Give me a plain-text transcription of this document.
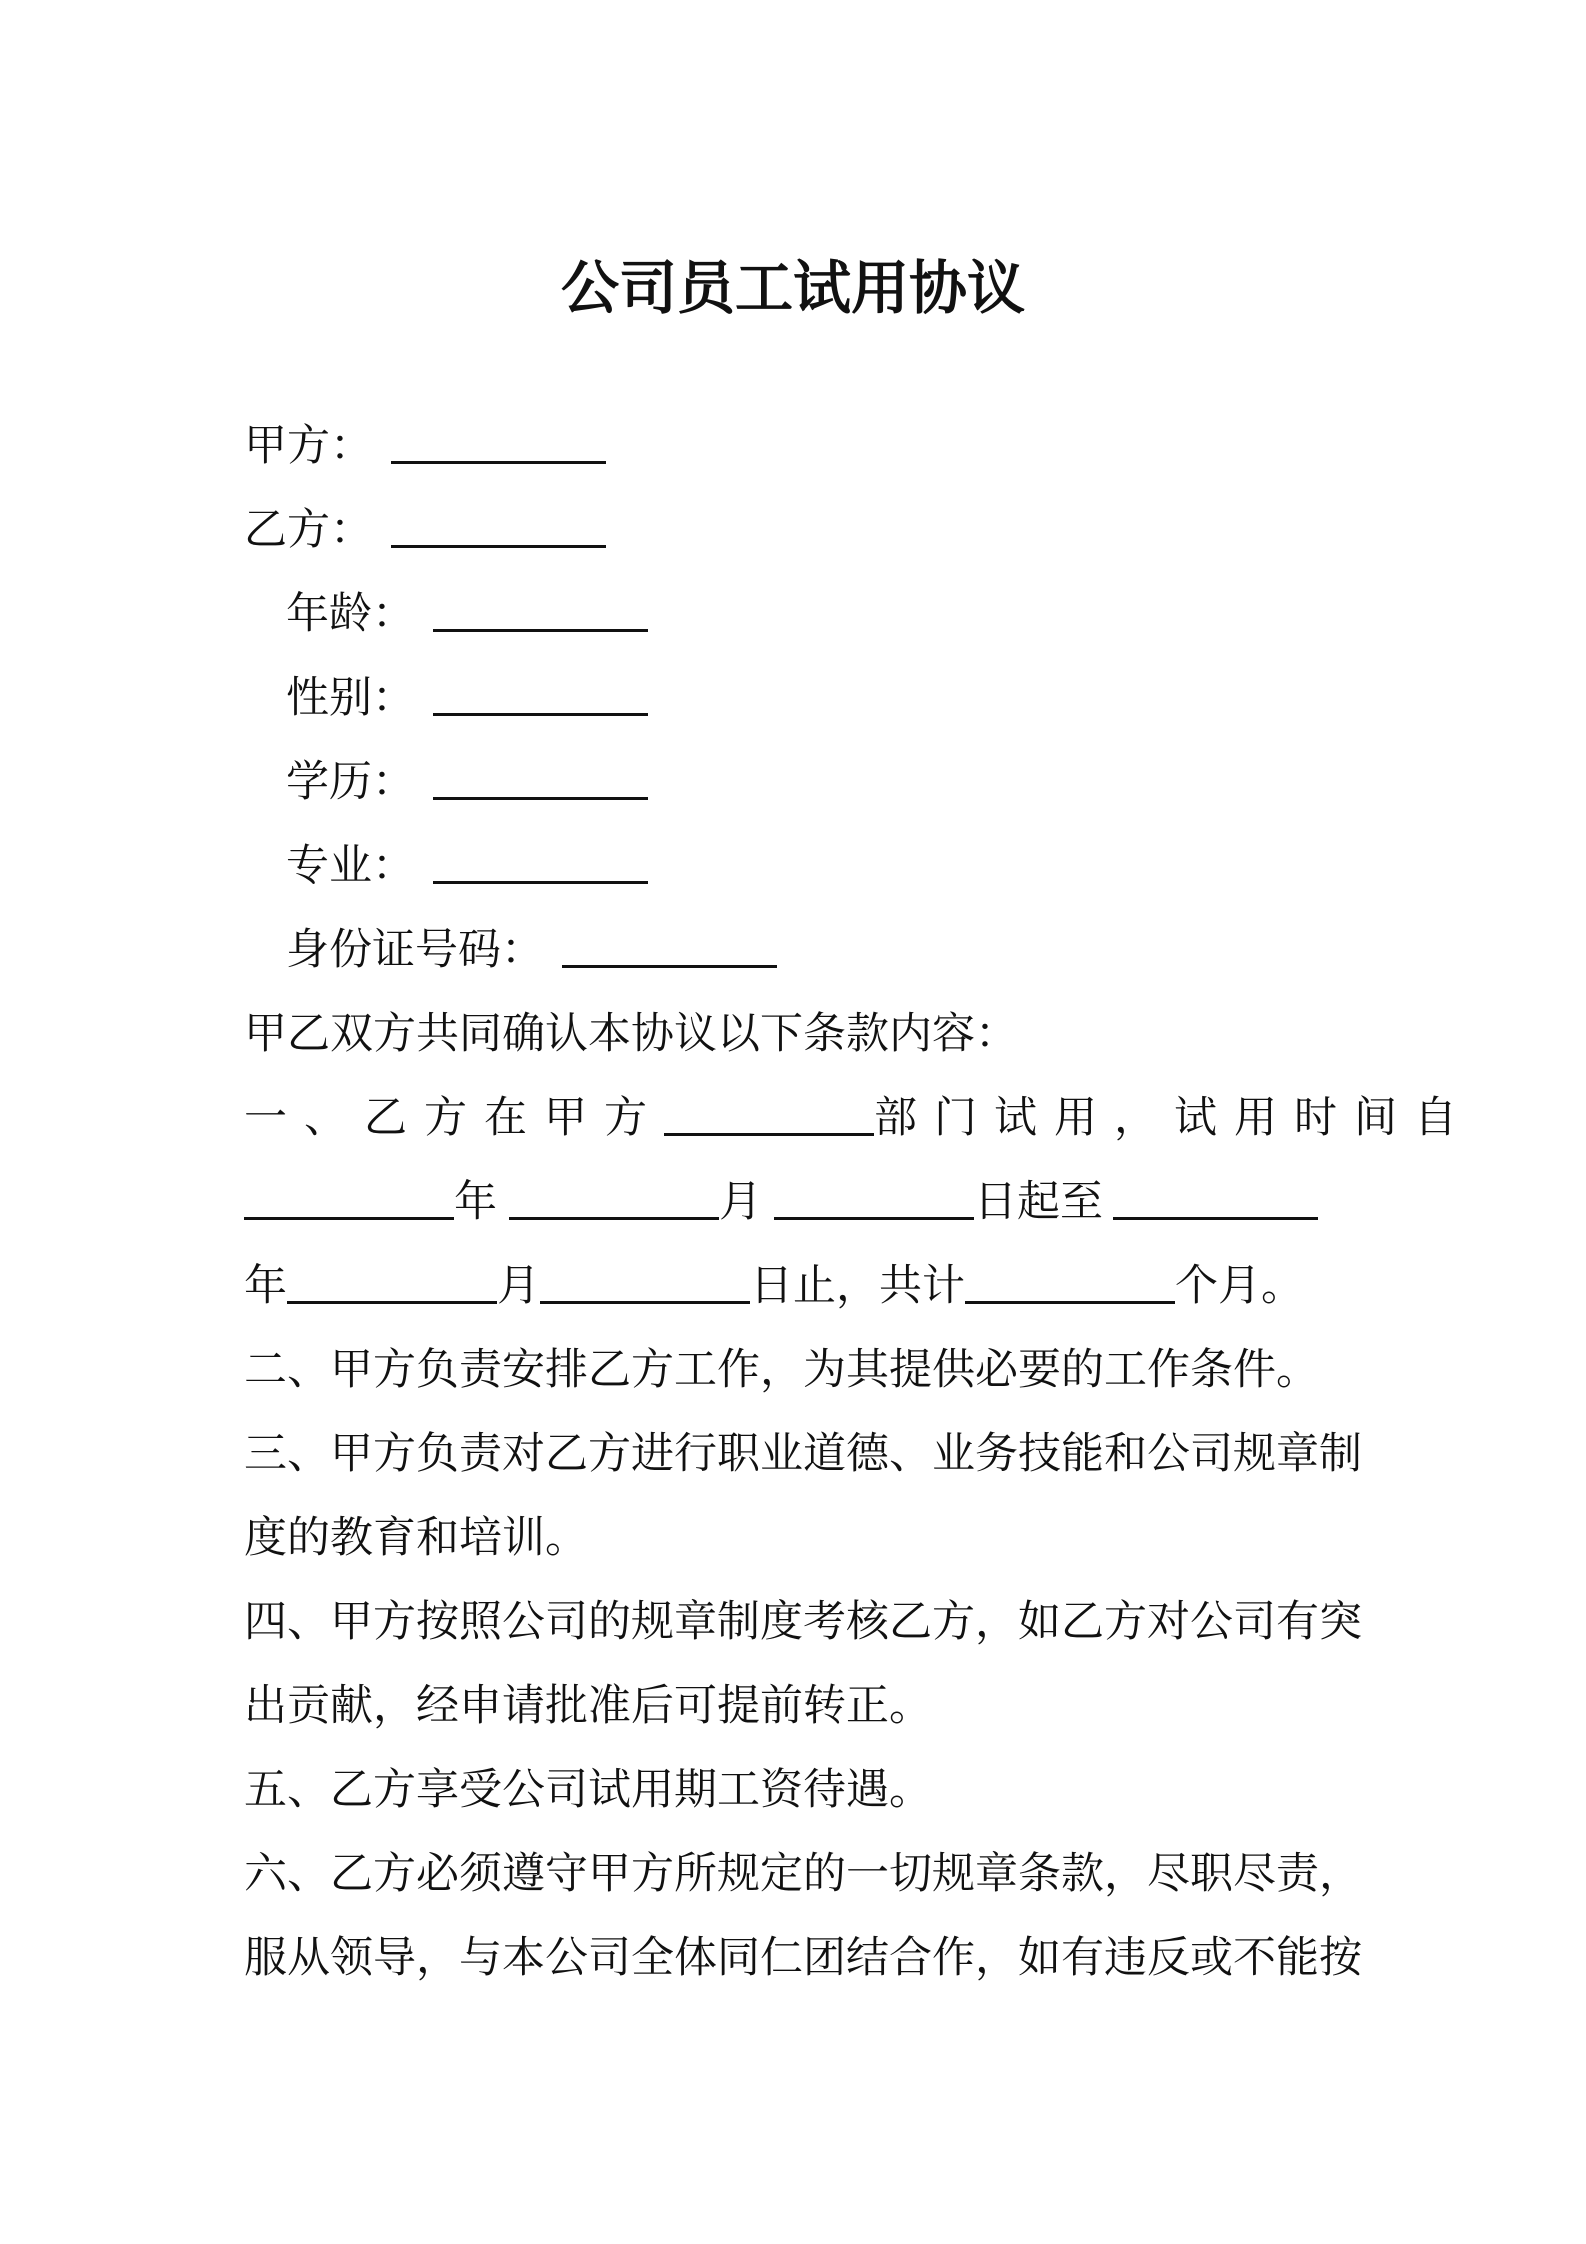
公司员工试用协议
甲方：
乙方：
年龄：
性别：
学历：
专业：
身份证号码：
甲乙双方共同确认本协议以下条款内容：
一、乙方在甲方	部门试用，试用时间自
年	月	日起至
年	月	日止，共计	个月。
二、甲方负责安排乙方工作，为其提供必要的工作条件。
三、甲方负责对乙方进行职业道德、业务技能和公司规章制
度的教育和培训。
四、甲方按照公司的规章制度考核乙方，如乙方对公司有突
出贡献，经申请批准后可提前转正。
五、乙方享受公司试用期工资待遇。
六、乙方必须遵守甲方所规定的一切规章条款，尽职尽责，
服从领导，与本公司全体同仁团结合作，如有违反或不能按
